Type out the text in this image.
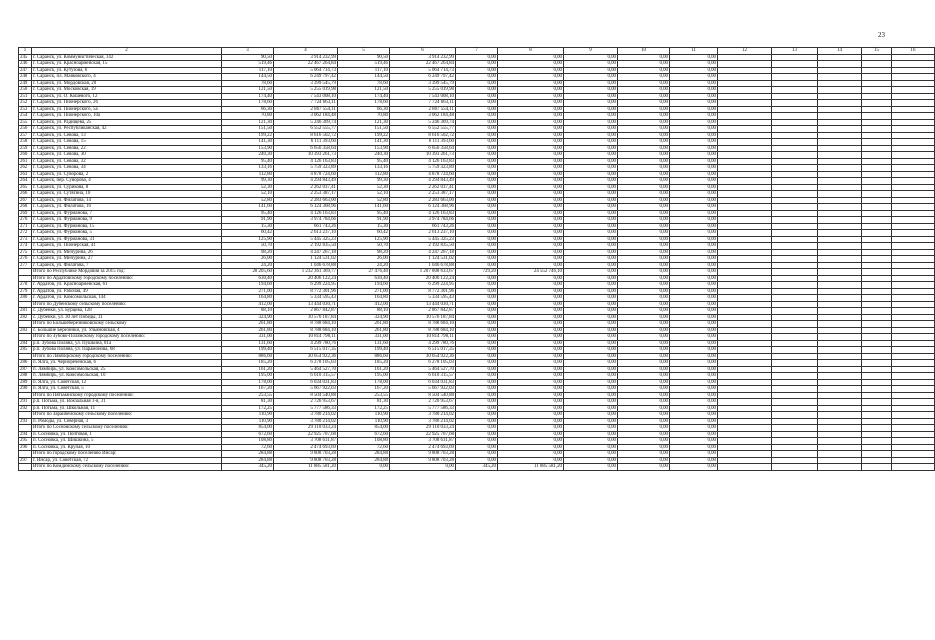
23
1	2	3	4	5	6	7	8	9	10	11	12	13	14	15	16
245	г. Саранск, ул. Коммунистическая, 142	90,50	3 914 232,99	90,50	3 914 232,99	0,00	0,00	0,00	0,00	0,00					
246	г. Саранск, ул. Красноармейская, 15	519,46	22 467 264,84	519,46	22 467 264,84	0,00	0,00	0,00	0,00	0,00					
247	г. Саранск, ул. Кутузова, 6	117,10	5 064 714,73	117,10	5 064 714,73	0,00	0,00	0,00	0,00	0,00					
248	г. Саранск, пл. Маяковского, 4	144,50	6 249 797,42	144,50	6 249 797,42	0,00	0,00	0,00	0,00	0,00					
249	г. Саранск, ул. Мордовская, 20	78,60	3 399 545,79	78,60	3 399 545,79	0,00	0,00	0,00	0,00	0,00					
250	г. Саранск, ул. Московская, 19	121,50	5 255 019,98	121,50	5 255 019,98	0,00	0,00	0,00	0,00	0,00					
251	г. Саранск, ул. О. Кошевого, 12	174,40	7 543 008,10	174,40	7 543 008,10	0,00	0,00	0,00	0,00	0,00					
252	г. Саранск, ул. Пионерского, 26	178,60	7 724 663,11	178,60	7 724 663,11	0,00	0,00	0,00	0,00	0,00					
253	г. Саранск, ул. Пионерского, 5а	66,30	2 867 554,11	66,30	2 867 554,11	0,00	0,00	0,00	0,00	0,00					
254	г. Саранск, ул. Пионерского, 10а	70,80	3 062 184,48	70,80	3 062 184,48	0,00	0,00	0,00	0,00	0,00					
255	г. Саранск, ул. Радищева, 25	121,30	5 246 369,74	121,30	5 246 369,74	0,00	0,00	0,00	0,00	0,00					
256	г. Саранск, ул. Республиканская, 42	151,50	6 552 555,77	151,50	6 552 555,77	0,00	0,00	0,00	0,00	0,00					
257	г. Саранск, ул. Севова, 13	199,22	8 616 502,72	199,22	8 616 502,72	0,00	0,00	0,00	0,00	0,00					
258	г. Саранск, ул. Севова, 15	141,30	6 111 393,60	141,30	6 111 393,60	0,00	0,00	0,00	0,00	0,00					
259	г. Саранск, ул. Севова, 22	153,90	6 656 358,64	153,90	6 656 358,64	0,00	0,00	0,00	0,00	0,00					
260	г. Саранск, ул. Севова, 30	240,30	10 393 261,73	240,30	10 393 261,73	0,00	0,00	0,00	0,00	0,00					
261	г. Саранск, ул. Севова, 32	95,40	4 126 163,83	95,40	4 126 163,83	0,00	0,00	0,00	0,00	0,00					
262	г. Саранск, ул. Севова, 34	133,16	5 759 323,89	133,16	5 759 323,89	0,00	0,00	0,00	0,00	0,00					
263	г. Саранск, ул. Суворова, 2	112,80	4 878 724,60	112,80	4 878 724,60	0,00	0,00	0,00	0,00	0,00					
264	г. Саранск, пер. Суворова, 4	99,30	4 294 843,49	99,30	4 294 843,49	0,00	0,00	0,00	0,00	0,00					
265	г. Саранск, ул. Сурикова, 8	52,30	2 262 037,41	52,30	2 262 037,41	0,00	0,00	0,00	0,00	0,00					
266	г. Саранск, ул. Сутягина, 10	52,10	2 253 387,17	52,10	2 253 387,17	0,00	0,00	0,00	0,00	0,00					
267	г. Саранск, ул. Филатова, 14	52,80	2 283 663,00	52,80	2 283 663,00	0,00	0,00	0,00	0,00	0,00					
268	г. Саранск, ул. Филатова, 16	141,60	6 124 368,96	141,60	6 124 368,96	0,00	0,00	0,00	0,00	0,00					
269	г. Саранск, ул. Фурманова, 7	95,40	4 126 163,83	95,40	4 126 163,83	0,00	0,00	0,00	0,00	0,00					
270	г. Саранск, ул. Фурманова, 9	91,90	3 974 784,66	91,90	3 974 784,66	0,00	0,00	0,00	0,00	0,00					
271	г. Саранск, ул. Фурманова, 15	15,30	661 743,26	15,30	661 743,26	0,00	0,00	0,00	0,00	0,00					
272	г. Саранск, ул. Фурманова, 5	60,42	2 613 237,10	60,42	2 613 237,10	0,00	0,00	0,00	0,00	0,00					
273	г. Саранск, ул. Фурманова, 31	125,90	5 445 325,23	125,90	5 445 325,23	0,00	0,00	0,00	0,00	0,00					
274	г. Саранск, ул. Пионерская, 41	50,70	2 192 835,50	50,70	2 192 835,50	0,00	0,00	0,00	0,00	0,00					
275	г. Саранск, ул. Мичурина, 26	98,20	4 247 267,18	98,20	4 247 267,18	0,00	0,00	0,00	0,00	0,00					
276	г. Саранск, ул. Мичурина, 27	26,00	1 124 531,02	26,00	1 124 531,02	0,00	0,00	0,00	0,00	0,00					
277	г. Саранск, ул. Филатова, 7	24,20	1 046 678,88	24,20	1 046 678,88	0,00	0,00	0,00	0,00	0,00					
	Итого по Республике Мордовия за 2015 год:	28 205,60	1 232 361 369,77	27 476,40	1 207 808 633,67	729,20	24 552 746,10	0,00	0,00	0,00					
	Итого по Ардатовскому городскому поселению:	630,40	20 406 122,24	630,40	20 406 122,24	0,00	0,00	0,00	0,00	0,00					
278	г. Ардатов, ул. Красноармейская, 61	194,60	6 299 224,95	194,60	6 299 224,95	0,00	0,00	0,00	0,00	0,00					
279	г. Ардатов, ул. Рабочая, 49	271,00	8 772 301,96	271,00	8 772 301,96	0,00	0,00	0,00	0,00	0,00					
280	г. Ардатов, ул. Комсомольская, 144	164,80	5 334 595,43	164,80	5 334 595,43	0,00	0,00	0,00	0,00	0,00					
	Итого по Дубенскому сельскому поселению:	412,00	13 444 030,71	412,00	13 444 030,71	0,00	0,00	0,00	0,00	0,00					
281	с. Дубенки, ул. Бурцева, 128	88,10	2 867 842,87	88,10	2 867 842,87	0,00	0,00	0,00	0,00	0,00					
282	с. Дубенки, ул. 30 лет Победы, 11	324,90	10 576 187,84	324,90	10 576 187,84	0,00	0,00	0,00	0,00	0,00					
	Итого по Большеберезниковскому сельскому	261,80	8 788 684,10	261,80	8 788 684,10	0,00	0,00	0,00	0,00	0,00					
283	с. Большие Березники, ул. Ульяновская, 4	261,80	8 788 684,10	261,80	8 788 684,10	0,00	0,00	0,00	0,00	0,00					
	Итого по Зубово-Полянскому городскому поселению:	331,00	10 814 798,11	331,00	10 814 798,11	0,00	0,00	0,00	0,00	0,00					
284	р.п. Зубова Поляна, ул. Пушкина, 81а	131,60	4 299 780,76	131,60	4 299 780,76	0,00	0,00	0,00	0,00	0,00					
285	р.п. Зубова Поляна, ул. Парамонова, 68	199,40	6 515 017,35	199,40	6 515 017,35	0,00	0,00	0,00	0,00	0,00					
	Итого по Лямбирскому городскому поселению:	886,60	30 654 922,36	886,60	30 654 922,36	0,00	0,00	0,00	0,00	0,00					
286	п. Ялга, ул. Чернореченская, 6	185,20	6 278 105,03	185,20	6 278 105,03	0,00	0,00	0,00	0,00	0,00					
287	п. Лямбирь, ул. Комсомольская, 25	161,20	5 464 527,70	161,20	5 464 527,70	0,00	0,00	0,00	0,00	0,00					
288	п. Лямбирь, ул. Комсомольская, 10	195,00	6 610 315,57	195,00	6 610 315,57	0,00	0,00	0,00	0,00	0,00					
289	п. Ялга, ул. Советская, 12	178,00	6 034 031,83	178,00	6 034 031,83	0,00	0,00	0,00	0,00	0,00					
290	п. Ялга, ул. Советская, 5	167,20	5 667 922,03	167,20	5 667 922,03	0,00	0,00	0,00	0,00	0,00					
	Итого по Пятьманскому городскому поселению:	253,55	8 504 540,88	253,55	8 504 540,88	0,00	0,00	0,00	0,00	0,00					
291	р.п. Потьма, ул. Вокзальная 1-я, 31	81,30	2 726 953,67	81,30	2 726 953,67	0,00	0,00	0,00	0,00	0,00					
292	р.п. Потьма, ул. Школьная, 11	172,25	5 777 586,33	172,25	5 777 586,33	0,00	0,00	0,00	0,00	0,00					
	Итого по Зарайбейскому сельскому поселению:	110,90	3 780 214,02	110,90	3 780 214,02	0,00	0,00	0,00	0,00	0,00					
293	п. Ромоды, ул. Северная, 3	110,90	3 780 214,02	110,90	3 780 214,02	0,00	0,00	0,00	0,00	0,00					
	Итого по Сосновскому сельскому поселению:	854,00	29 110 033,24	854,00	29 110 033,24	0,00	0,00	0,00	0,00	0,00					
294	п. Сосновка, ул. Почтовая, 1	672,60	22 925 707,68	672,60	22 925 707,68	0,00	0,00	0,00	0,00	0,00					
295	п. Сосновка, ул. Шишкина, 5	108,80	3 708 631,87	108,80	3 708 631,87	0,00	0,00	0,00	0,00	0,00					
296	п. Сосновка, ул. Крупая, 10	72,60	2 474 693,69	72,60	2 474 693,69	0,00	0,00	0,00	0,00	0,00					
	Итого по городскому поселению Инсар:	284,88	9 808 703,28	284,88	9 808 703,28	0,00	0,00	0,00	0,00	0,00					
297	г. Инсар, ул. Советская, 72	284,88	9 808 703,28	284,88	9 808 703,28	0,00	0,00	0,00	0,00	0,00					
	Итого по Комдинскому сельскому поселению:	345,20	11 885 581,20	0,00	0,00	345,20	11 885 581,20	0,00	0,00	0,00					
